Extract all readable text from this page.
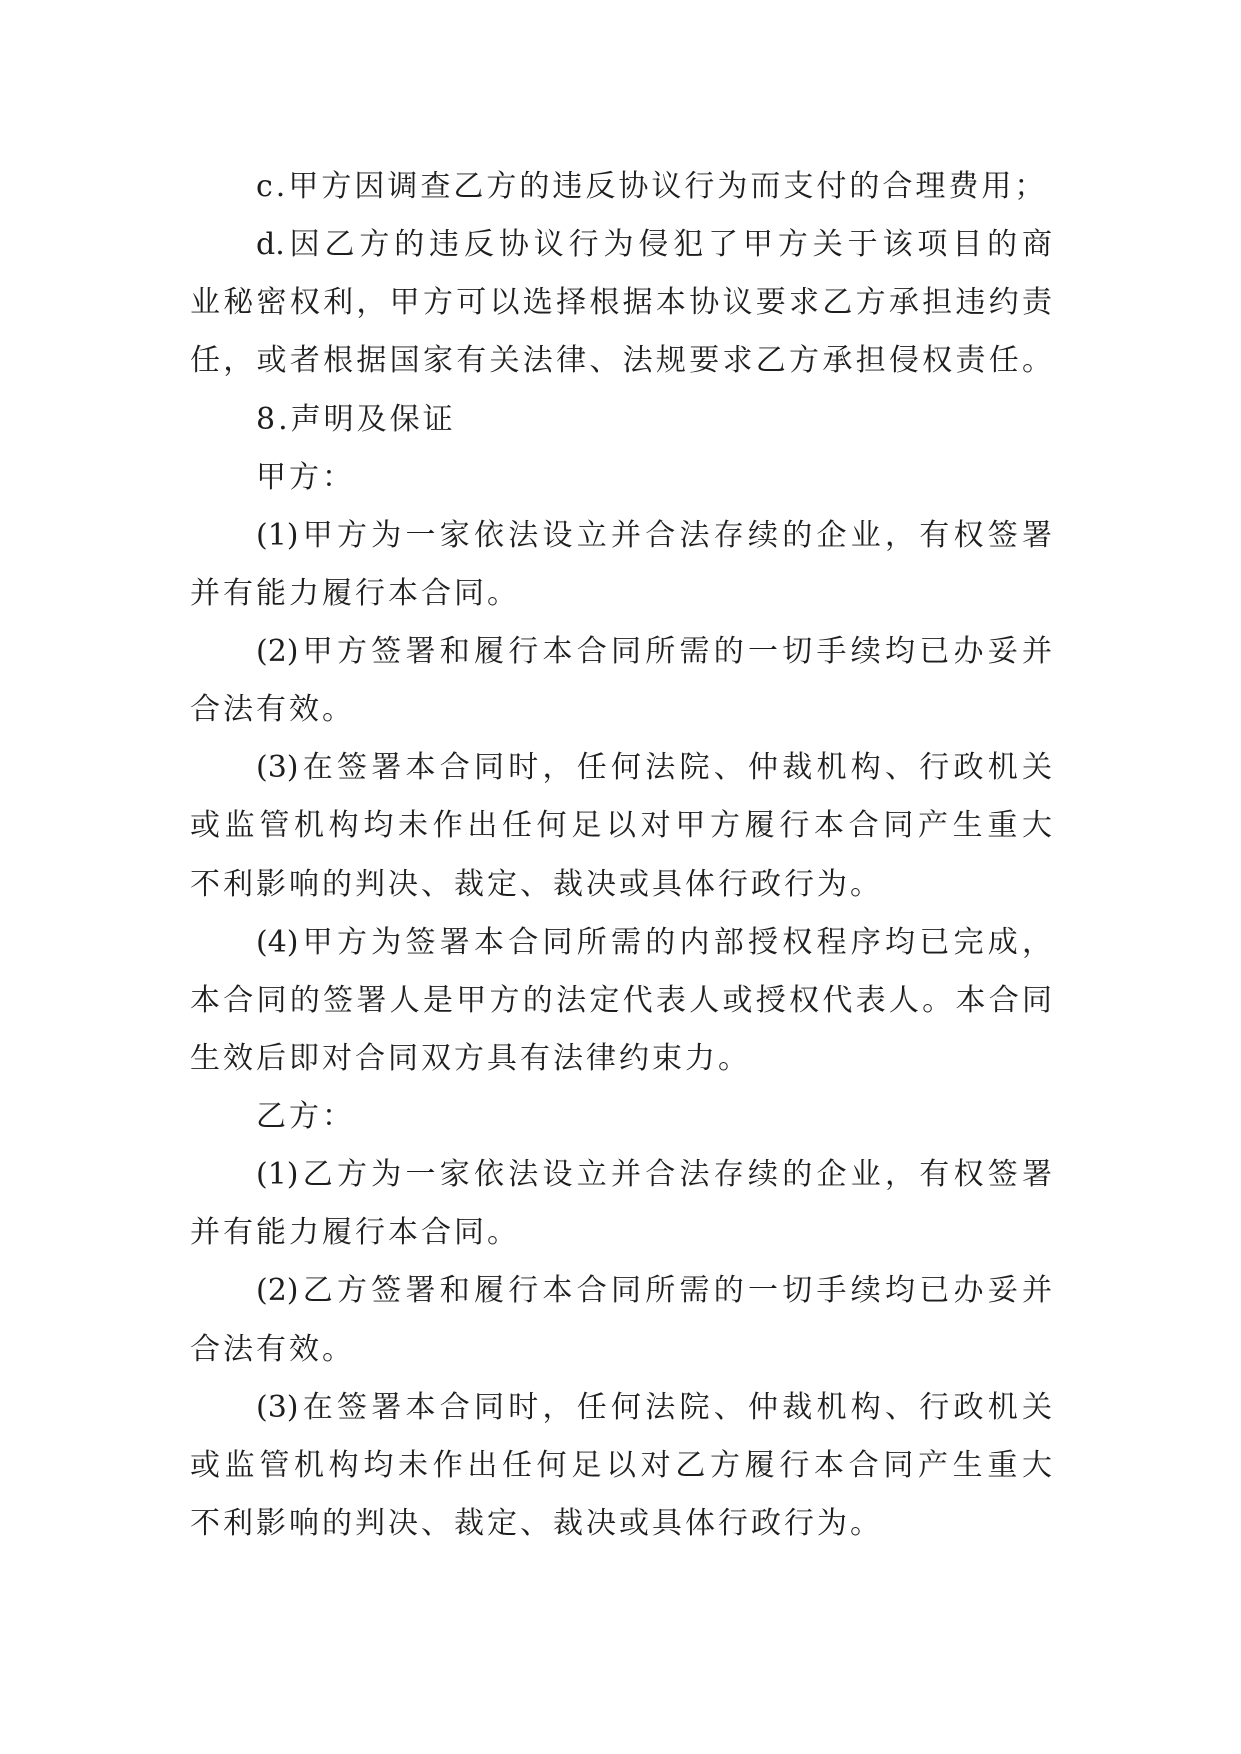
c.甲方因调查乙方的违反协议行为而支付的合理费用；
d.因乙方的违反协议行为侵犯了甲方关于该项目的商
业秘密权利，甲方可以选择根据本协议要求乙方承担违约责
任，或者根据国家有关法律、法规要求乙方承担侵权责任。
8.声明及保证
甲方：
(1)甲方为一家依法设立并合法存续的企业，有权签署
并有能力履行本合同。
(2)甲方签署和履行本合同所需的一切手续均已办妥并
合法有效。
(3)在签署本合同时，任何法院、仲裁机构、行政机关
或监管机构均未作出任何足以对甲方履行本合同产生重大
不利影响的判决、裁定、裁决或具体行政行为。
(4)甲方为签署本合同所需的内部授权程序均已完成，
本合同的签署人是甲方的法定代表人或授权代表人。本合同
生效后即对合同双方具有法律约束力。
乙方：
(1)乙方为一家依法设立并合法存续的企业，有权签署
并有能力履行本合同。
(2)乙方签署和履行本合同所需的一切手续均已办妥并
合法有效。
(3)在签署本合同时，任何法院、仲裁机构、行政机关
或监管机构均未作出任何足以对乙方履行本合同产生重大
不利影响的判决、裁定、裁决或具体行政行为。
